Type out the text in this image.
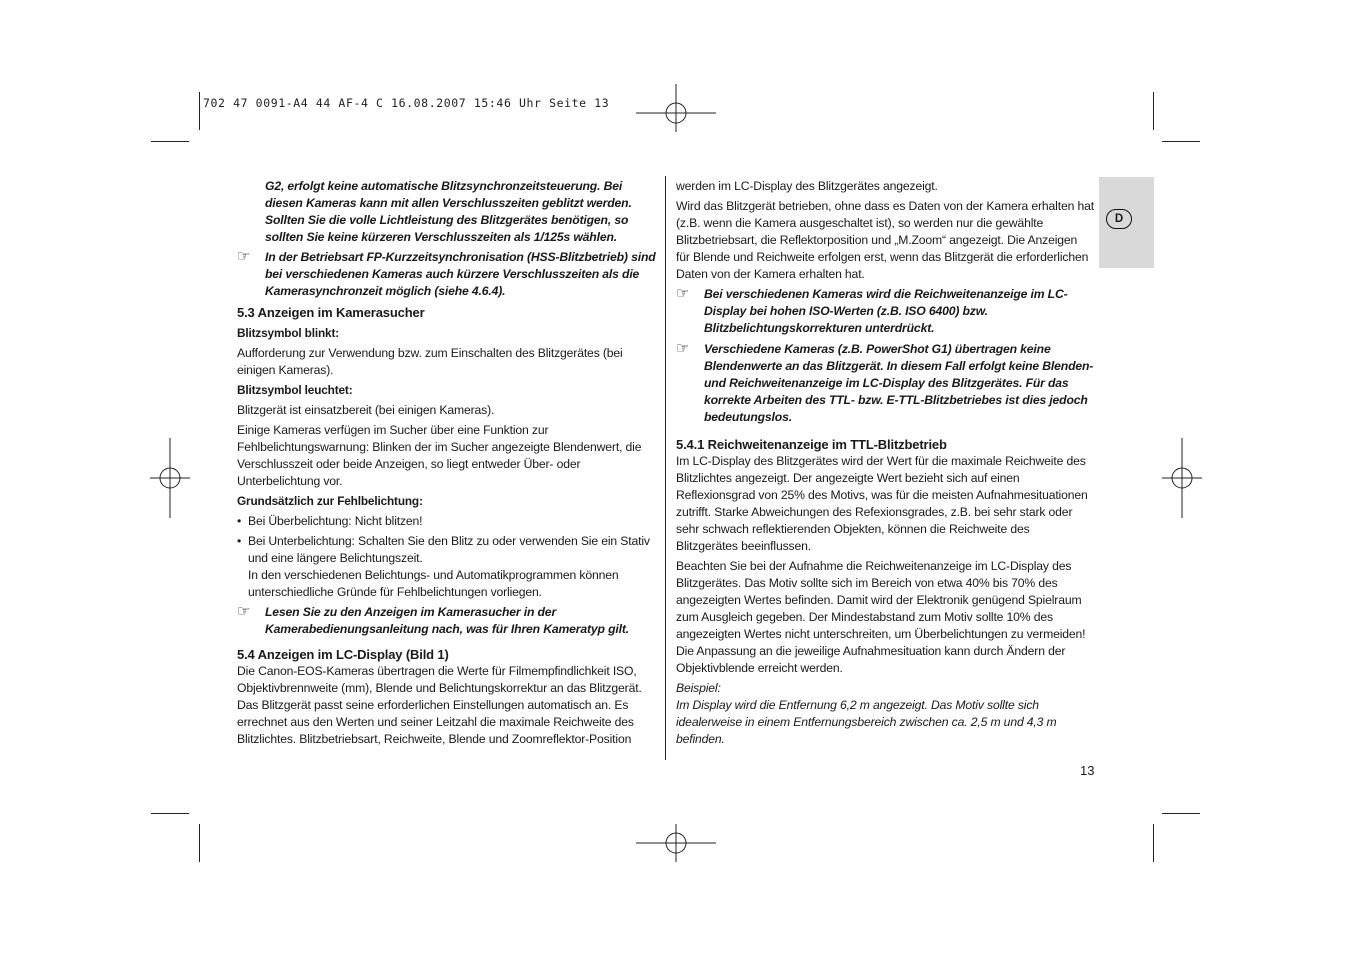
702 47 0091-A4 44 AF-4 C 16.08.2007 15:46 Uhr Seite 13
D

G2, erfolgt keine automatische Blitzsynchronzeitsteuerung. Bei diesen Kameras kann mit allen Verschlusszeiten geblitzt werden. Sollten Sie die volle Lichtleistung des Blitzgerätes benötigen, so sollten Sie keine kürzeren Verschlusszeiten als 1/125s wählen.

☞ In der Betriebsart FP-Kurzzeitsynchronisation (HSS-Blitzbetrieb) sind bei verschiedenen Kameras auch kürzere Verschlusszeiten als die Kamerasynchronzeit möglich (siehe 4.6.4).

5.3 Anzeigen im Kamerasucher

Blitzsymbol blinkt:

Aufforderung zur Verwendung bzw. zum Einschalten des Blitzgerätes (bei einigen Kameras).

Blitzsymbol leuchtet:

Blitzgerät ist einsatzbereit (bei einigen Kameras).

Einige Kameras verfügen im Sucher über eine Funktion zur Fehlbelichtungswarnung: Blinken der im Sucher angezeigte Blendenwert, die Verschlusszeit oder beide Anzeigen, so liegt entweder Über- oder Unterbelichtung vor.

Grundsätzlich zur Fehlbelichtung:

• Bei Überbelichtung: Nicht blitzen!

• Bei Unterbelichtung: Schalten Sie den Blitz zu oder verwenden Sie ein Stativ und eine längere Belichtungszeit.

In den verschiedenen Belichtungs- und Automatikprogrammen können unterschiedliche Gründe für Fehlbelichtungen vorliegen.

☞ Lesen Sie zu den Anzeigen im Kamerasucher in der Kamerabedienungsanleitung nach, was für Ihren Kameratyp gilt.

5.4 Anzeigen im LC-Display (Bild 1)

Die Canon-EOS-Kameras übertragen die Werte für Filmempfindlichkeit ISO, Objektivbrennweite (mm), Blende und Belichtungskorrektur an das Blitzgerät. Das Blitzgerät passt seine erforderlichen Einstellungen automatisch an. Es errechnet aus den Werten und seiner Leitzahl die maximale Reichweite des Blitzlichtes. Blitzbetriebsart, Reichweite, Blende und Zoomreflektor-Position

werden im LC-Display des Blitzgerätes angezeigt.

Wird das Blitzgerät betrieben, ohne dass es Daten von der Kamera erhalten hat (z.B. wenn die Kamera ausgeschaltet ist), so werden nur die gewählte Blitzbetriebsart, die Reflektorposition und „M.Zoom“ angezeigt. Die Anzeigen für Blende und Reichweite erfolgen erst, wenn das Blitzgerät die erforderlichen Daten von der Kamera erhalten hat.

☞ Bei verschiedenen Kameras wird die Reichweitenanzeige im LC-Display bei hohen ISO-Werten (z.B. ISO 6400) bzw. Blitzbelichtungskorrekturen unterdrückt.
☞ Verschiedene Kameras (z.B. PowerShot G1) übertragen keine Blendenwerte an das Blitzgerät. In diesem Fall erfolgt keine Blenden- und Reichweitenanzeige im LC-Display des Blitzgerätes. Für das korrekte Arbeiten des TTL- bzw. E-TTL-Blitzbetriebes ist dies jedoch bedeutungslos.

5.4.1 Reichweitenanzeige im TTL-Blitzbetrieb

Im LC-Display des Blitzgerätes wird der Wert für die maximale Reichweite des Blitzlichtes angezeigt. Der angezeigte Wert bezieht sich auf einen Reflexionsgrad von 25% des Motivs, was für die meisten Aufnahmesituationen zutrifft. Starke Abweichungen des Refexionsgrades, z.B. bei sehr stark oder sehr schwach reflektierenden Objekten, können die Reichweite des Blitzgerätes beeinflussen.

Beachten Sie bei der Aufnahme die Reichweitenanzeige im LC-Display des Blitzgerätes. Das Motiv sollte sich im Bereich von etwa 40% bis 70% des angezeigten Wertes befinden. Damit wird der Elektronik genügend Spielraum zum Ausgleich gegeben. Der Mindestabstand zum Motiv sollte 10% des angezeigten Wertes nicht unterschreiten, um Überbelichtungen zu vermeiden! Die Anpassung an die jeweilige Aufnahmesituation kann durch Ändern der Objektivblende erreicht werden.

Beispiel:

Im Display wird die Entfernung 6,2 m angezeigt. Das Motiv sollte sich idealerweise in einem Entfernungsbereich zwischen ca. 2,5 m und 4,3 m befinden.

13
